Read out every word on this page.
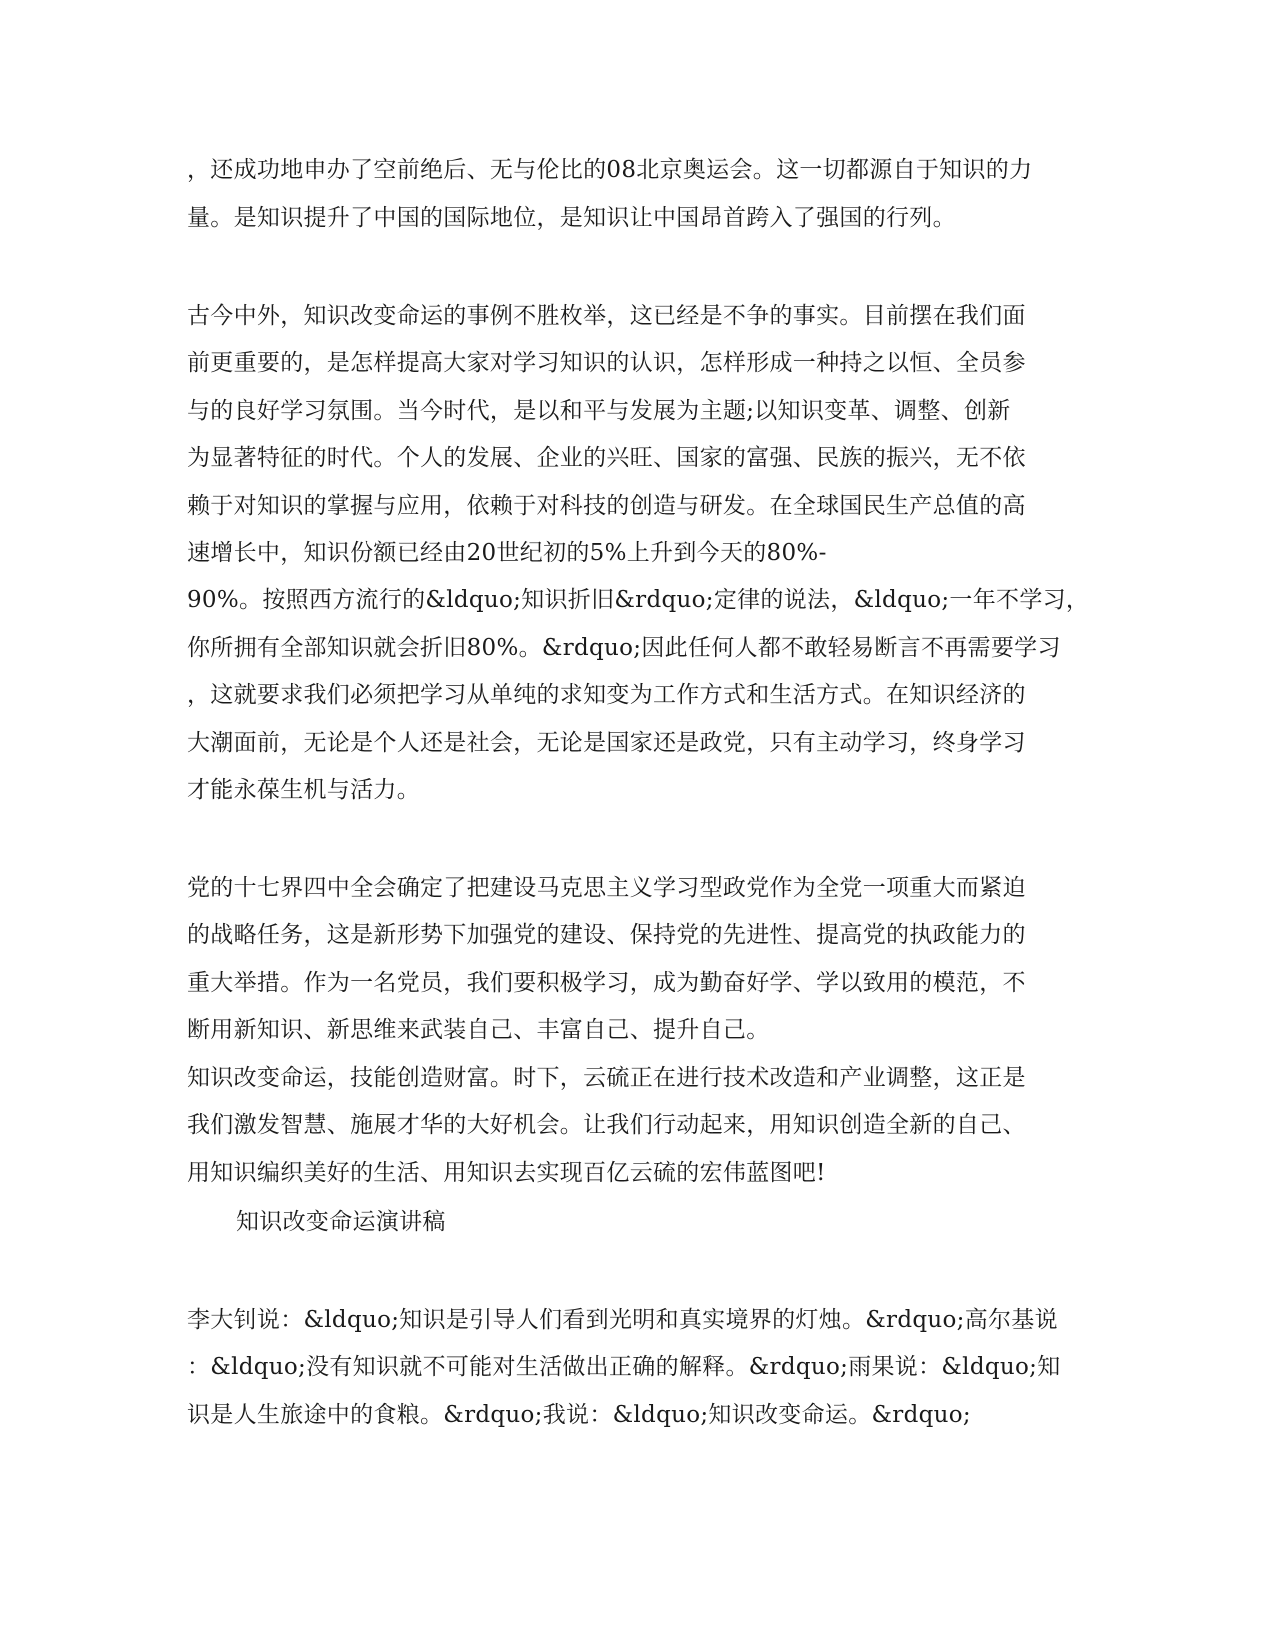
，还成功地申办了空前绝后、无与伦比的08北京奥运会。这一切都源自于知识的力
量。是知识提升了中国的国际地位，是知识让中国昂首跨入了强国的行列。
古今中外，知识改变命运的事例不胜枚举，这已经是不争的事实。目前摆在我们面
前更重要的，是怎样提高大家对学习知识的认识，怎样形成一种持之以恒、全员参
与的良好学习氛围。当今时代，是以和平与发展为主题;以知识变革、调整、创新
为显著特征的时代。个人的发展、企业的兴旺、国家的富强、民族的振兴，无不依
赖于对知识的掌握与应用，依赖于对科技的创造与研发。在全球国民生产总值的高
速增长中，知识份额已经由20世纪初的5%上升到今天的80%-
90%。按照西方流行的&ldquo;知识折旧&rdquo;定律的说法，&ldquo;一年不学习，
你所拥有全部知识就会折旧80%。&rdquo;因此任何人都不敢轻易断言不再需要学习
，这就要求我们必须把学习从单纯的求知变为工作方式和生活方式。在知识经济的
大潮面前，无论是个人还是社会，无论是国家还是政党，只有主动学习，终身学习
才能永葆生机与活力。
党的十七界四中全会确定了把建设马克思主义学习型政党作为全党一项重大而紧迫
的战略任务，这是新形势下加强党的建设、保持党的先进性、提高党的执政能力的
重大举措。作为一名党员，我们要积极学习，成为勤奋好学、学以致用的模范，不
断用新知识、新思维来武装自己、丰富自己、提升自己。
知识改变命运，技能创造财富。时下，云硫正在进行技术改造和产业调整，这正是
我们激发智慧、施展才华的大好机会。让我们行动起来，用知识创造全新的自己、
用知识编织美好的生活、用知识去实现百亿云硫的宏伟蓝图吧!
知识改变命运演讲稿
李大钊说：&ldquo;知识是引导人们看到光明和真实境界的灯烛。&rdquo;高尔基说
：&ldquo;没有知识就不可能对生活做出正确的解释。&rdquo;雨果说：&ldquo;知
识是人生旅途中的食粮。&rdquo;我说：&ldquo;知识改变命运。&rdquo;
